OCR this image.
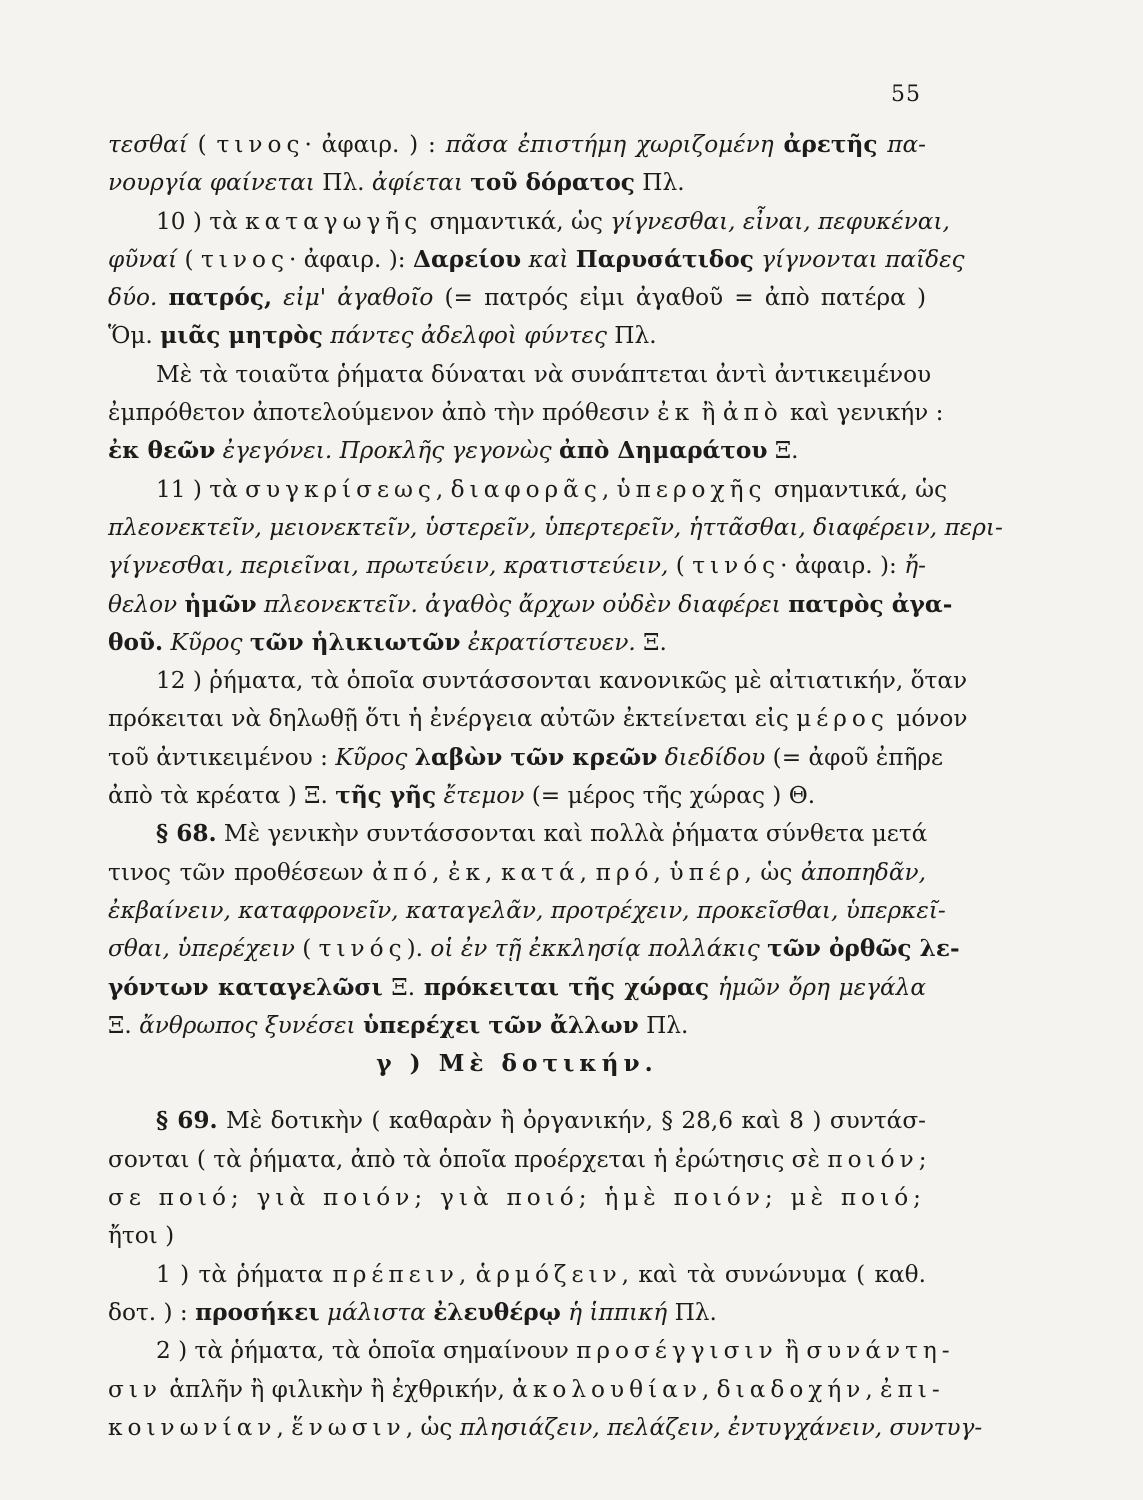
55
τεσθαί ( τινος· ἀφαιρ. ) : πᾶσα ἐπιστήμη χωριζομένη ἀρετῆς πα-
νουργία φαίνεται Πλ. ἀφίεται τοῦ δόρατος Πλ.
10 ) τὰ καταγωγῆς σημαντικά, ὡς γίγνεσθαι, εἶναι, πεφυκέναι,
φῦναί ( τινος· ἀφαιρ. ): Δαρείου καὶ Παρυσάτιδος γίγνονται παῖδες
δύο. πατρός, εἰμ' ἀγαθοῖο (= πατρός εἰμι ἀγαθοῦ = ἀπὸ πατέρα )
Ὅμ. μιᾶς μητρὸς πάντες ἀδελφοὶ φύντες Πλ.
Μὲ τὰ τοιαῦτα ῥήματα δύναται νὰ συνάπτεται ἀντὶ ἀντικειμένου
ἐμπρόθετον ἀποτελούμενον ἀπὸ τὴν πρόθεσιν ἐκ ἢ ἀπὸ καὶ γενικήν :
ἐκ θεῶν ἐγεγόνει. Προκλῆς γεγονὼς ἀπὸ Δημαράτου Ξ.
11 ) τὰ συγκρίσεως, διαφορᾶς, ὑπεροχῆς σημαντικά, ὡς
πλεονεκτεῖν, μειονεκτεῖν, ὑστερεῖν, ὑπερτερεῖν, ἡττᾶσθαι, διαφέρειν, περι-
γίγνεσθαι, περιεῖναι, πρωτεύειν, κρατιστεύειν, ( τινός· ἀφαιρ. ): ἤ-
θελον ἡμῶν πλεονεκτεῖν. ἀγαθὸς ἄρχων οὐδὲν διαφέρει πατρὸς ἀγα-
θοῦ. Κῦρος τῶν ἡλικιωτῶν ἐκρατίστευεν. Ξ.
12 ) ῥήματα, τὰ ὁποῖα συντάσσονται κανονικῶς μὲ αἰτιατικήν, ὅταν
πρόκειται νὰ δηλωθῇ ὅτι ἡ ἐνέργεια αὐτῶν ἐκτείνεται εἰς μέρος μόνον
τοῦ ἀντικειμένου : Κῦρος λαβὼν τῶν κρεῶν διεδίδου (= ἀφοῦ ἐπῆρε
ἀπὸ τὰ κρέατα ) Ξ. τῆς γῆς ἔτεμον (= μέρος τῆς χώρας ) Θ.
§ 68. Μὲ γενικὴν συντάσσονται καὶ πολλὰ ῥήματα σύνθετα μετά
τινος τῶν προθέσεων ἀπό, ἐκ, κατά, πρό, ὑπέρ, ὡς ἀποπηδᾶν,
ἐκβαίνειν, καταφρονεῖν, καταγελᾶν, προτρέχειν, προκεῖσθαι, ὑπερκεῖ-
σθαι, ὑπερέχειν ( τινός). οἱ ἐν τῇ ἐκκλησίᾳ πολλάκις τῶν ὀρθῶς λε-
γόντων καταγελῶσι Ξ. πρόκειται τῆς χώρας ἡμῶν ὄρη μεγάλα
Ξ. ἄνθρωπος ξυνέσει ὑπερέχει τῶν ἄλλων Πλ.
γ ) Μὲ δοτικήν.
§ 69. Μὲ δοτικὴν ( καθαρὰν ἢ ὀργανικήν, § 28,6 καὶ 8 ) συντάσ-
σονται ( τὰ ῥήματα, ἀπὸ τὰ ὁποῖα προέρχεται ἡ ἐρώτησις σὲ ποιόν;
σε ποιό; γιὰ ποιόν; γιὰ ποιό; ἡμὲ ποιόν; μὲ ποιό;
ἤτοι )
1 ) τὰ ῥήματα πρέπειν, ἁρμόζειν, καὶ τὰ συνώνυμα ( καθ.
δοτ. ) : προσήκει μάλιστα ἐλευθέρῳ ἡ ἱππική Πλ.
2 ) τὰ ῥήματα, τὰ ὁποῖα σημαίνουν προσέγγισιν ἢ συνάντη-
σιν ἁπλῆν ἢ φιλικὴν ἢ ἐχθρικήν, ἀκολουθίαν, διαδοχήν, ἐπι-
κοινωνίαν, ἕνωσιν, ὡς πλησιάζειν, πελάζειν, ἐντυγχάνειν, συντυγ-
